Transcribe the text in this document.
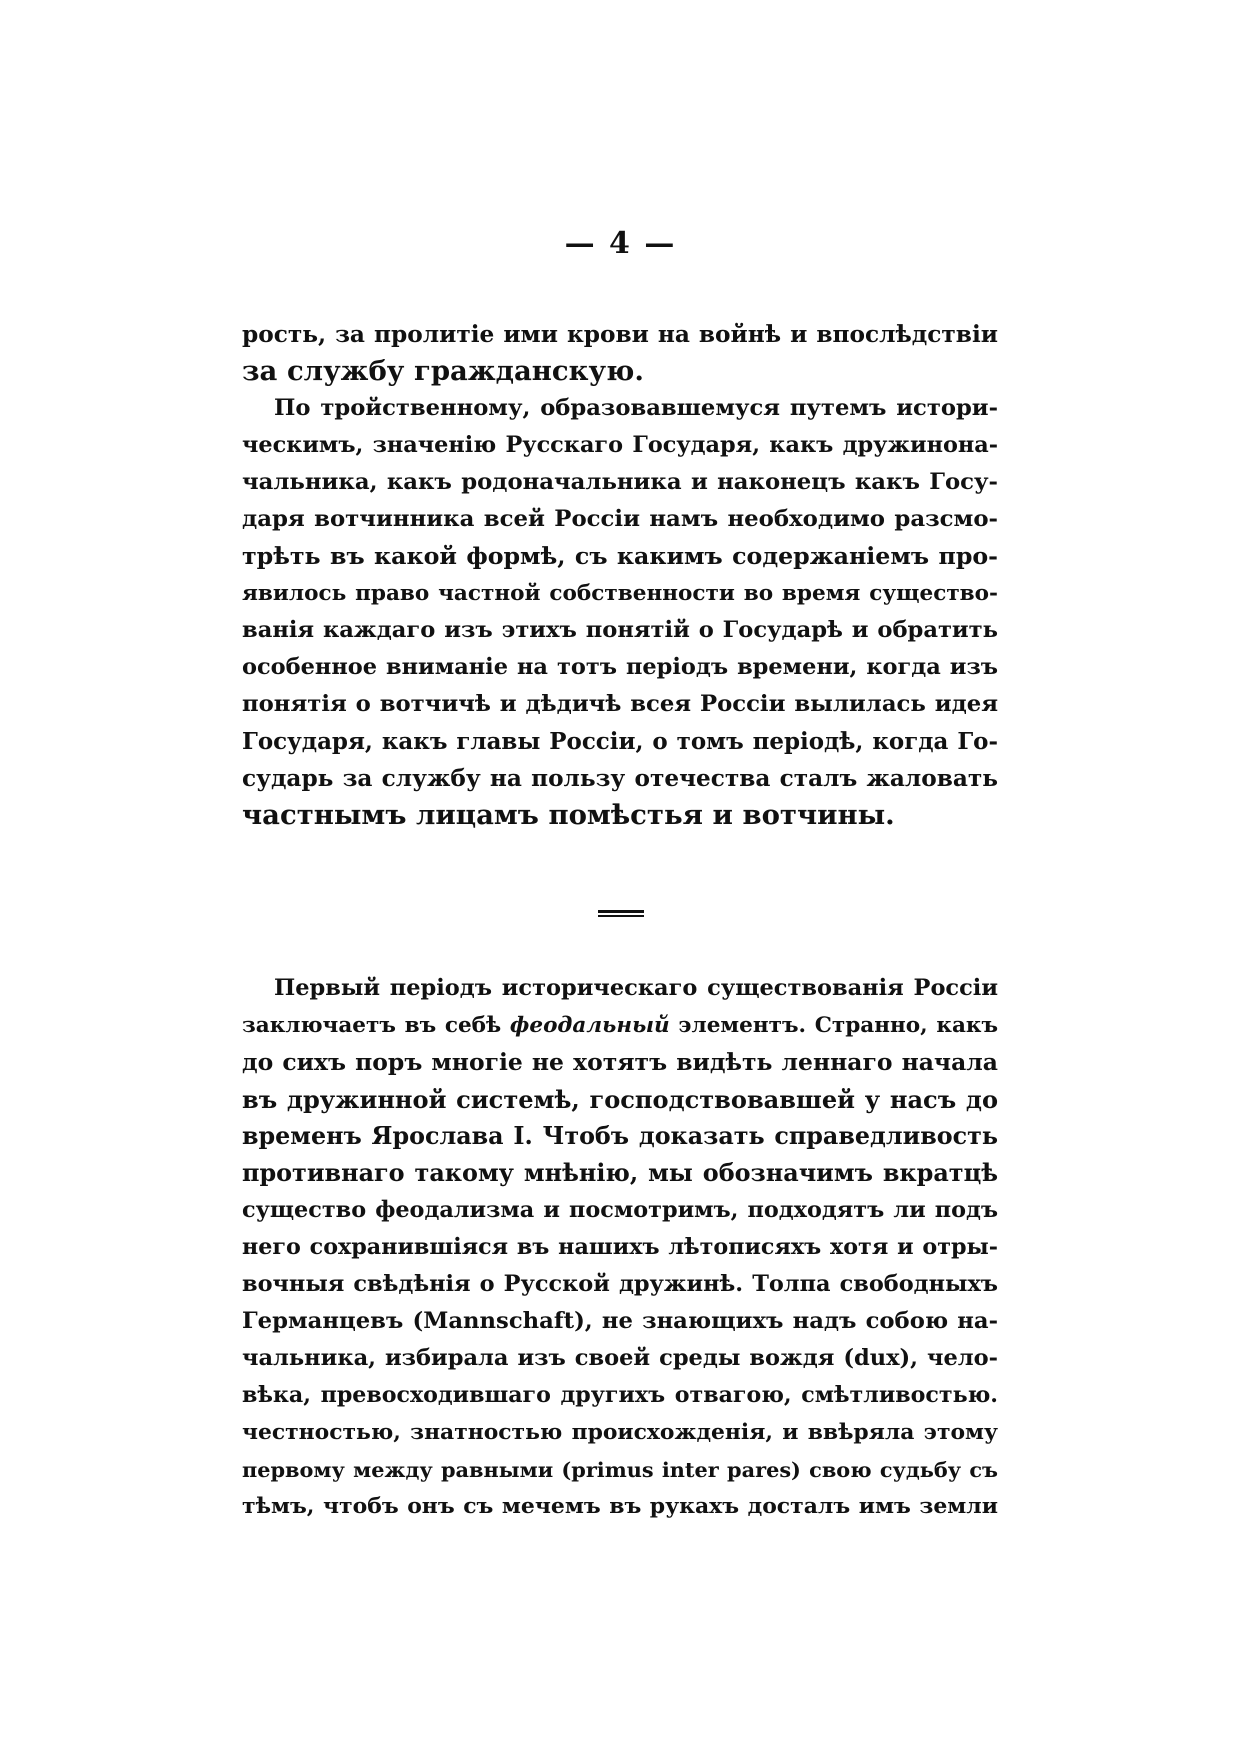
— 4 —
рость, за пролитіе ими крови на войнѣ и впослѣдствіи
за службу гражданскую.
По тройственному, образовавшемуся путемъ истори-
ческимъ, значенію Русскаго Государя, какъ дружинона-
чальника, какъ родоначальника и наконецъ какъ Госу-
даря вотчинника всей Россіи намъ необходимо разсмо-
трѣть въ какой формѣ, съ какимъ содержаніемъ про-
явилось право частной собственности во время существо-
ванія каждаго изъ этихъ понятій о Государѣ и обратить
особенное вниманіе на тотъ періодъ времени, когда изъ
понятія о вотчичѣ и дѣдичѣ всея Россіи вылилась идея
Государя, какъ главы Россіи, о томъ періодѣ, когда Го-
сударь за службу на пользу отечества сталъ жаловать
частнымъ лицамъ помѣстья и вотчины.
Первый періодъ историческаго существованія Россіи
заключаетъ въ себѣ феодальный элементъ. Странно, какъ
до сихъ поръ многіе не хотятъ видѣть леннаго начала
въ дружинной системѣ, господствовавшей у насъ до
временъ Ярослава I. Чтобъ доказать справедливость
противнаго такому мнѣнію, мы обозначимъ вкратцѣ
существо феодализма и посмотримъ, подходятъ ли подъ
него сохранившіяся въ нашихъ лѣтописяхъ хотя и отры-
вочныя свѣдѣнія о Русской дружинѣ. Толпа свободныхъ
Германцевъ (Mannschaft), не знающихъ надъ собою на-
чальника, избирала изъ своей среды вождя (dux), чело-
вѣка, превосходившаго другихъ отвагою, смѣтливостью.
честностью, знатностью происхожденія, и ввѣряла этому
первому между равными (primus inter pares) свою судьбу съ
тѣмъ, чтобъ онъ съ мечемъ въ рукахъ досталъ имъ земли
